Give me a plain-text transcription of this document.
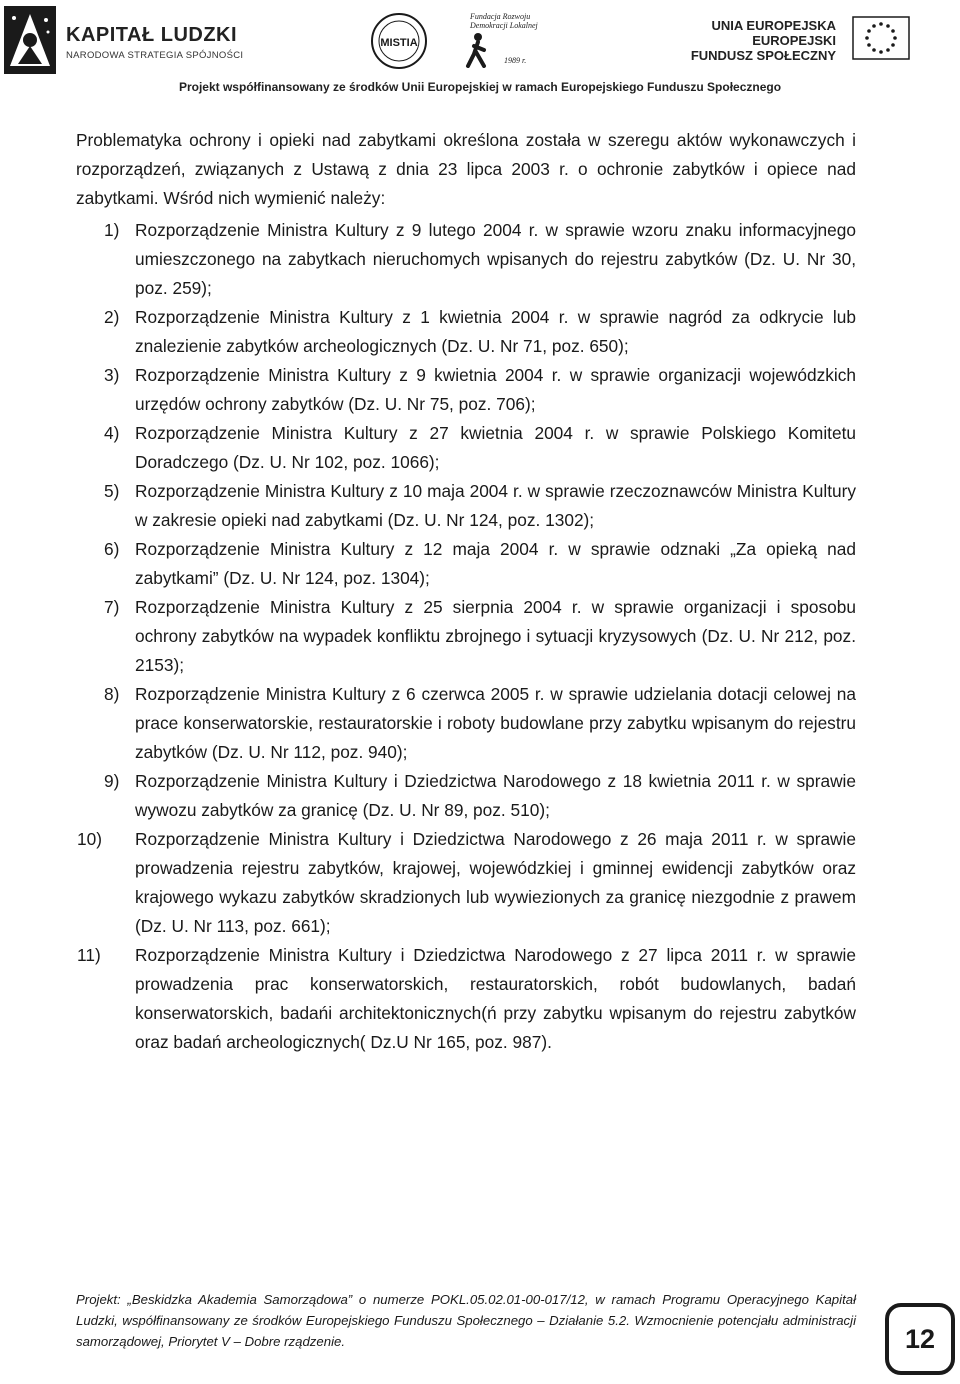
KAPITAŁ LUDZKI
NARODOWA STRATEGIA SPÓJNOŚCI
MISTIA
Fundacja Rozwoju Demokracji Lokalnej
1989 r.
UNIA EUROPEJSKA
EUROPEJSKI
FUNDUSZ SPOŁECZNY
Projekt współfinansowany ze środków Unii Europejskiej w ramach Europejskiego Funduszu Społecznego

Problematyka ochrony i opieki nad zabytkami określona została w szeregu aktów wykonawczych i rozporządzeń, związanych z Ustawą z dnia 23 lipca 2003 r. o ochronie zabytków i opiece nad zabytkami. Wśród nich wymienić należy:

1) Rozporządzenie Ministra Kultury z 9 lutego 2004 r. w sprawie wzoru znaku informacyjnego umieszczonego na zabytkach nieruchomych wpisanych do rejestru zabytków (Dz. U. Nr 30, poz. 259);
2) Rozporządzenie Ministra Kultury z 1 kwietnia 2004 r. w sprawie nagród za odkrycie lub znalezienie zabytków archeologicznych (Dz. U. Nr 71, poz. 650);
3) Rozporządzenie Ministra Kultury z 9 kwietnia 2004 r. w sprawie organizacji wojewódzkich urzędów ochrony zabytków (Dz. U. Nr 75, poz. 706);
4) Rozporządzenie Ministra Kultury z 27 kwietnia 2004 r. w sprawie Polskiego Komitetu Doradczego (Dz. U. Nr 102, poz. 1066);
5) Rozporządzenie Ministra Kultury z 10 maja 2004 r. w sprawie rzeczoznawców Ministra Kultury w zakresie opieki nad zabytkami (Dz. U. Nr 124, poz. 1302);
6) Rozporządzenie Ministra Kultury z 12 maja 2004 r. w sprawie odznaki „Za opieką nad zabytkami” (Dz. U. Nr 124, poz. 1304);
7) Rozporządzenie Ministra Kultury z 25 sierpnia 2004 r. w sprawie organizacji i sposobu ochrony zabytków na wypadek konfliktu zbrojnego i sytuacji kryzysowych (Dz. U. Nr 212, poz. 2153);
8) Rozporządzenie Ministra Kultury z 6 czerwca 2005 r. w sprawie udzielania dotacji celowej na prace konserwatorskie, restauratorskie i roboty budowlane przy zabytku wpisanym do rejestru zabytków (Dz. U. Nr 112, poz. 940);
9) Rozporządzenie Ministra Kultury i Dziedzictwa Narodowego z 18 kwietnia 2011 r. w sprawie wywozu zabytków za granicę (Dz. U. Nr 89, poz. 510);
10) Rozporządzenie Ministra Kultury i Dziedzictwa Narodowego z 26 maja 2011 r. w sprawie prowadzenia rejestru zabytków, krajowej, wojewódzkiej i gminnej ewidencji zabytków oraz krajowego wykazu zabytków skradzionych lub wywiezionych za granicę niezgodnie z prawem (Dz. U. Nr 113, poz. 661);
11) Rozporządzenie Ministra Kultury i Dziedzictwa Narodowego z 27 lipca 2011 r. w sprawie prowadzenia prac konserwatorskich, restauratorskich, robót budowlanych, badań konserwatorskich, badańi architektonicznych(ń przy zabytku wpisanym do rejestru zabytków oraz badań archeologicznych( Dz.U Nr 165, poz. 987).
Projekt: „Beskidzka Akademia Samorządowa” o numerze POKL.05.02.01-00-017/12, w ramach Programu Operacyjnego Kapitał Ludzki, współfinansowany ze środków Europejskiego Funduszu Społecznego – Działanie 5.2. Wzmocnienie potencjału administracji samorządowej, Priorytet V – Dobre rządzenie.	12
